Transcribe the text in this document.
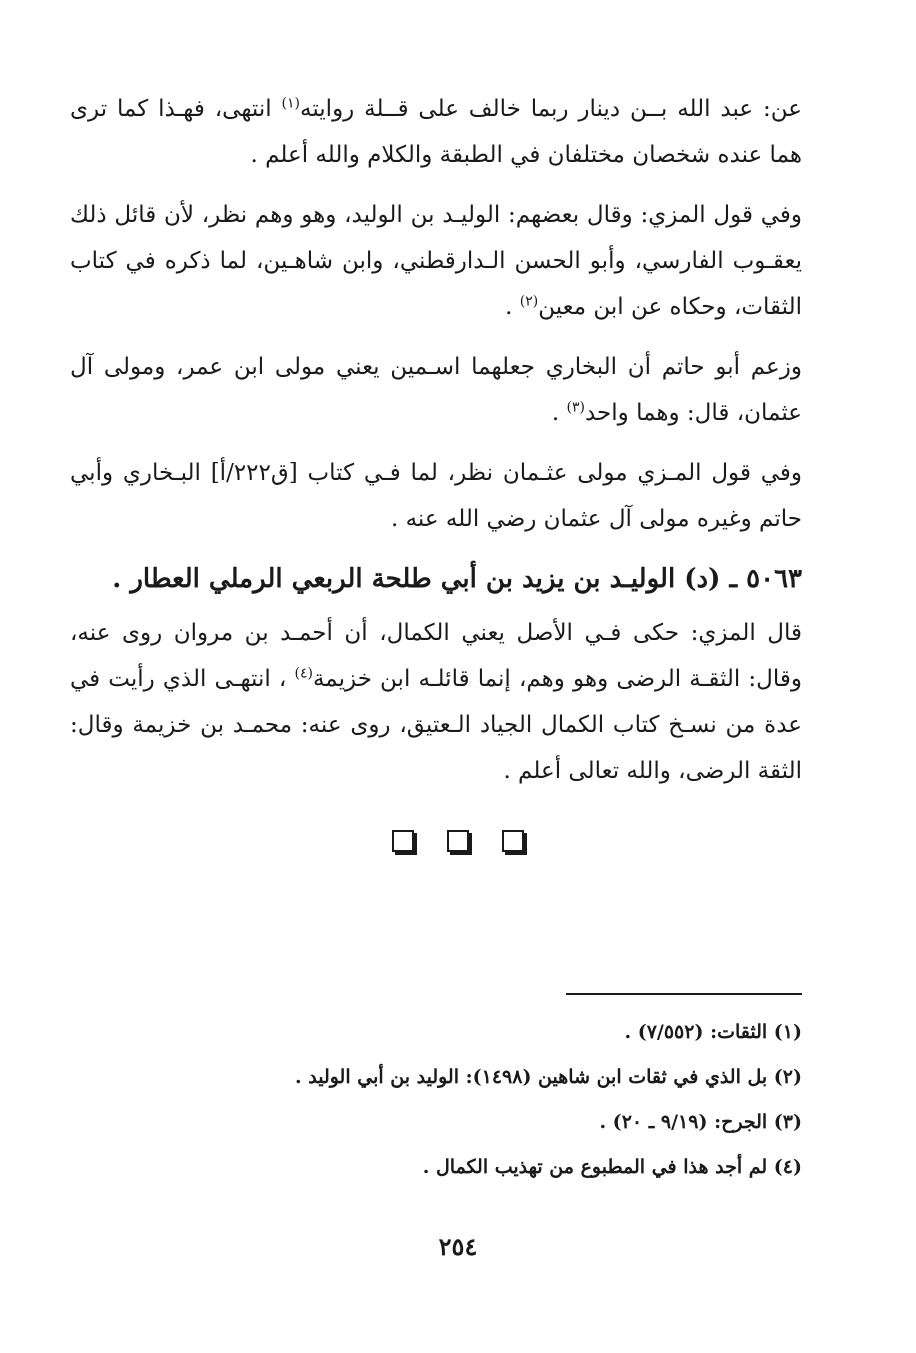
عن: عبد الله بــن دينار ربما خالف على قــلة روايته$^{(١)}$ انتهى، فهـذا كما ترى هما عنده شخصان مختلفان في الطبقة والكلام والله أعلم .

وفي قول المزي: وقال بعضهم: الوليـد بن الوليد، وهو وهم نظر، لأن قائل ذلك يعقـوب الفارسي، وأبو الحسن الـدارقطني، وابن شاهـين، لما ذكره في كتاب الثقات، وحكاه عن ابن معين$^{(٢)}$ .

وزعم أبو حاتم أن البخاري جعلهما اسـمين يعني مولى ابن عمر، ومولى آل عثمان، قال: وهما واحد$^{(٣)}$ .

وفي قول المـزي مولى عثـمان نظر، لما فـي كتاب [ق٢٢٢/أ] البـخاري وأبي حاتم وغيره مولى آل عثمان رضي الله عنه .

٥٠٦٣ ـ (د) الوليـد بن يزيد بن أبي طلحة الربعي الرملي العطار .

قال المزي: حكى فـي الأصل يعني الكمال، أن أحمـد بن مروان روى عنه، وقال: الثقـة الرضى وهو وهم، إنما قائلـه ابن خزيمة$^{(٤)}$ ، انتهـى الذي رأيت في عدة من نسـخ كتاب الكمال الجياد الـعتيق، روى عنه: محمـد بن خزيمة وقال: الثقة الرضى، والله تعالى أعلم .

(١) الثقات: (٧/٥٥٢) .

(٢) بل الذي في ثقات ابن شاهين (١٤٩٨): الوليد بن أبي الوليد .

(٣) الجرح: (٩/١٩ ـ ٢٠) .

(٤) لم أجد هذا في المطبوع من تهذيب الكمال .

٢٥٤
